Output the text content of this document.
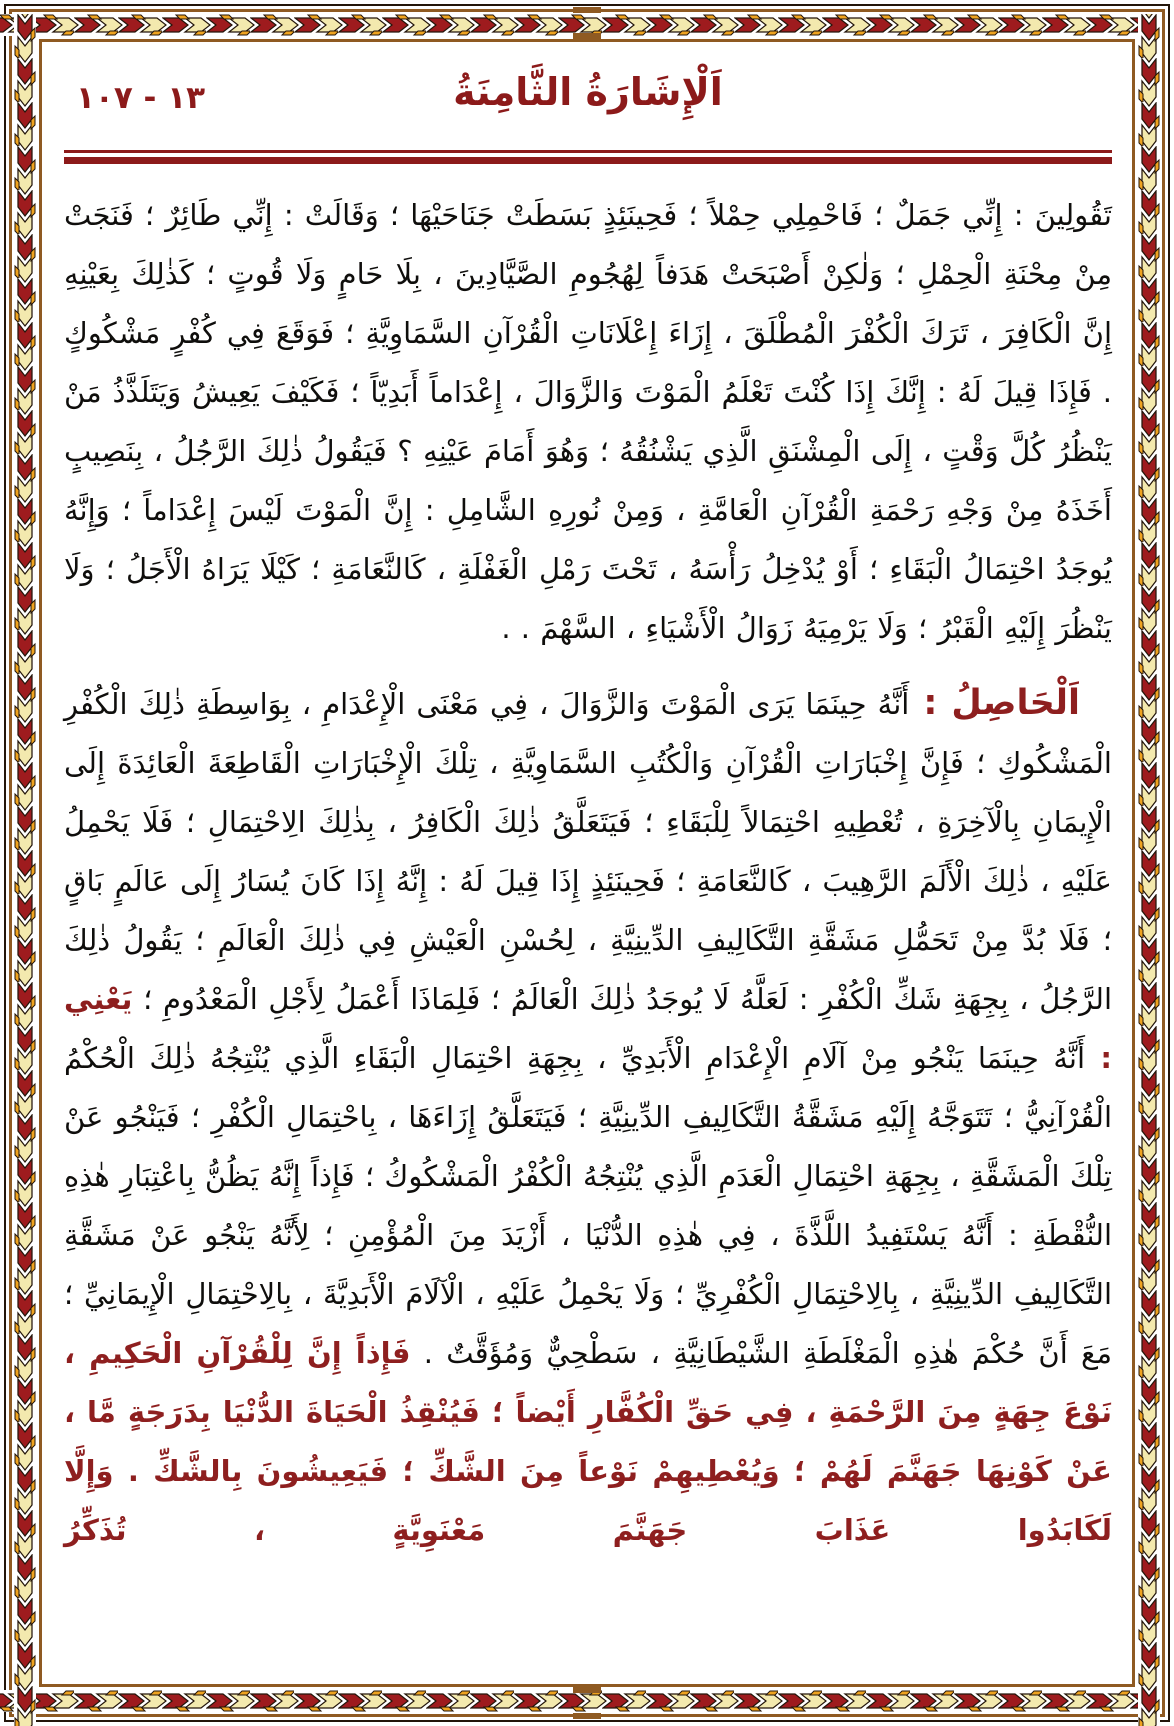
اَلْإِشَارَةُ الثَّامِنَةُ
١٣ - ١٠٧
تَقُولِينَ : إِنِّي جَمَلٌ ؛ فَاحْمِلِي حِمْلاً ؛ فَحِينَئِذٍ بَسَطَتْ جَنَاحَيْهَا ؛ وَقَالَتْ : إِنِّي طَائِرٌ ؛ فَنَجَتْ مِنْ مِحْنَةِ الْحِمْلِ ؛ وَلٰكِنْ أَصْبَحَتْ هَدَفاً لِهُجُومِ الصَّيَّادِينَ ، بِلَا حَامٍ وَلَا قُوتٍ ؛ كَذٰلِكَ بِعَيْنِهِ إِنَّ الْكَافِرَ ، تَرَكَ الْكُفْرَ الْمُطْلَقَ ، إِزَاءَ إِعْلَانَاتِ الْقُرْآنِ السَّمَاوِيَّةِ ؛ فَوَقَعَ فِي كُفْرٍ مَشْكُوكٍ . فَإِذَا قِيلَ لَهُ : إِنَّكَ إِذَا كُنْتَ تَعْلَمُ الْمَوْتَ وَالزَّوَالَ ، إِعْدَاماً أَبَدِيّاً ؛ فَكَيْفَ يَعِيشُ وَيَتَلَذَّذُ مَنْ يَنْظُرُ كُلَّ وَقْتٍ ، إِلَى الْمِشْنَقِ الَّذِي يَشْنُقُهُ ؛ وَهُوَ أَمَامَ عَيْنِهِ ؟ فَيَقُولُ ذٰلِكَ الرَّجُلُ ، بِنَصِيبٍ أَخَذَهُ مِنْ وَجْهِ رَحْمَةِ الْقُرْآنِ الْعَامَّةِ ، وَمِنْ نُورِهِ الشَّامِلِ : إِنَّ الْمَوْتَ لَيْسَ إِعْدَاماً ؛ وَإِنَّهُ يُوجَدُ احْتِمَالُ الْبَقَاءِ ؛ أَوْ يُدْخِلُ رَأْسَهُ ، تَحْتَ رَمْلِ الْغَفْلَةِ ، كَالنَّعَامَةِ ؛ كَيْلَا يَرَاهُ الْأَجَلُ ؛ وَلَا يَنْظُرَ إِلَيْهِ الْقَبْرُ ؛ وَلَا يَرْمِيَهُ زَوَالُ الْأَشْيَاءِ ، السَّهْمَ . .
اَلْحَاصِلُ : أَنَّهُ حِينَمَا يَرَى الْمَوْتَ وَالزَّوَالَ ، فِي مَعْنَى الْإِعْدَامِ ، بِوَاسِطَةِ ذٰلِكَ الْكُفْرِ الْمَشْكُوكِ ؛ فَإِنَّ إِخْبَارَاتِ الْقُرْآنِ وَالْكُتُبِ السَّمَاوِيَّةِ ، تِلْكَ الْإِخْبَارَاتِ الْقَاطِعَةَ الْعَائِدَةَ إِلَى الْإِيمَانِ بِالْآخِرَةِ ، تُعْطِيهِ احْتِمَالاً لِلْبَقَاءِ ؛ فَيَتَعَلَّقُ ذٰلِكَ الْكَافِرُ ، بِذٰلِكَ الِاحْتِمَالِ ؛ فَلَا يَحْمِلُ عَلَيْهِ ، ذٰلِكَ الْأَلَمَ الرَّهِيبَ ، كَالنَّعَامَةِ ؛ فَحِينَئِذٍ إِذَا قِيلَ لَهُ : إِنَّهُ إِذَا كَانَ يُسَارُ إِلَى عَالَمٍ بَاقٍ ؛ فَلَا بُدَّ مِنْ تَحَمُّلِ مَشَقَّةِ التَّكَالِيفِ الدِّينِيَّةِ ، لِحُسْنِ الْعَيْشِ فِي ذٰلِكَ الْعَالَمِ ؛ يَقُولُ ذٰلِكَ الرَّجُلُ ، بِجِهَةِ شَكِّ الْكُفْرِ : لَعَلَّهُ لَا يُوجَدُ ذٰلِكَ الْعَالَمُ ؛ فَلِمَاذَا أَعْمَلُ لِأَجْلِ الْمَعْدُومِ ؛ يَعْنِي : أَنَّهُ حِينَمَا يَنْجُو مِنْ آلَامِ الْإِعْدَامِ الْأَبَدِيِّ ، بِجِهَةِ احْتِمَالِ الْبَقَاءِ الَّذِي يُنْتِجُهُ ذٰلِكَ الْحُكْمُ الْقُرْآنِيُّ ؛ تَتَوَجَّهُ إِلَيْهِ مَشَقَّةُ التَّكَالِيفِ الدِّينِيَّةِ ؛ فَيَتَعَلَّقُ إِزَاءَهَا ، بِاحْتِمَالِ الْكُفْرِ ؛ فَيَنْجُو عَنْ تِلْكَ الْمَشَقَّةِ ، بِجِهَةِ احْتِمَالِ الْعَدَمِ الَّذِي يُنْتِجُهُ الْكُفْرُ الْمَشْكُوكُ ؛ فَإِذاً إِنَّهُ يَظُنُّ بِاعْتِبَارِ هٰذِهِ النُّقْطَةِ : أَنَّهُ يَسْتَفِيدُ اللَّذَّةَ ، فِي هٰذِهِ الدُّنْيَا ، أَزْيَدَ مِنَ الْمُؤْمِنِ ؛ لِأَنَّهُ يَنْجُو عَنْ مَشَقَّةِ التَّكَالِيفِ الدِّينِيَّةِ ، بِالِاحْتِمَالِ الْكُفْرِيِّ ؛ وَلَا يَحْمِلُ عَلَيْهِ ، الْآلَامَ الْأَبَدِيَّةَ ، بِالِاحْتِمَالِ الْإِيمَانِيِّ ؛ مَعَ أَنَّ حُكْمَ هٰذِهِ الْمَغْلَطَةِ الشَّيْطَانِيَّةِ ، سَطْحِيٌّ وَمُؤَقَّتٌ . فَإِذاً إِنَّ لِلْقُرْآنِ الْحَكِيمِ ، نَوْعَ جِهَةٍ مِنَ الرَّحْمَةِ ، فِي حَقِّ الْكُفَّارِ أَيْضاً ؛ فَيُنْقِذُ الْحَيَاةَ الدُّنْيَا بِدَرَجَةٍ مَّا ، عَنْ كَوْنِهَا جَهَنَّمَ لَهُمْ ؛ وَيُعْطِيهِمْ نَوْعاً مِنَ الشَّكِّ ؛ فَيَعِيشُونَ بِالشَّكِّ . وَإِلَّا لَكَابَدُوا عَذَابَ جَهَنَّمَ مَعْنَوِيَّةٍ ، تُذَكِّرُ
